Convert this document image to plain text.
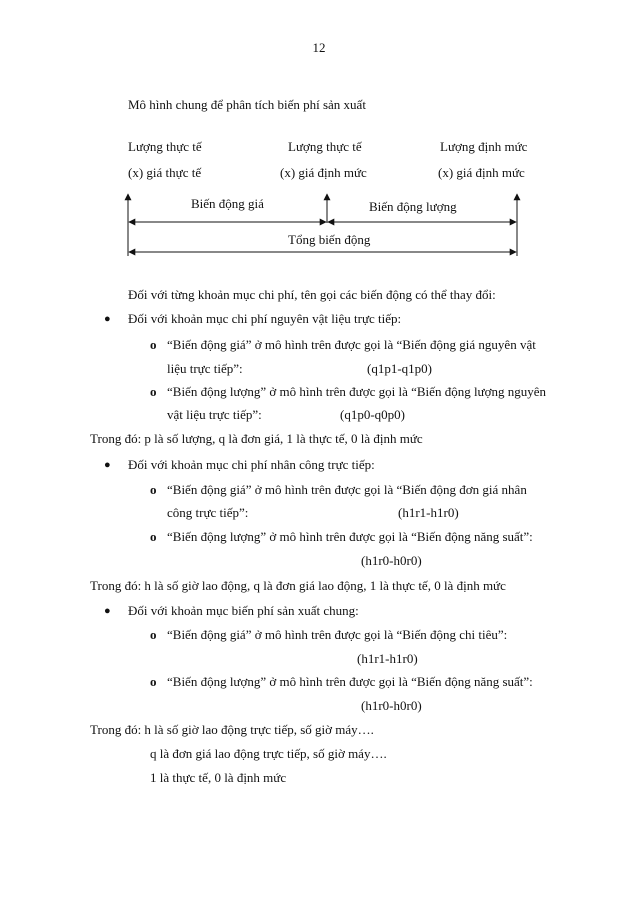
12
Mô hình chung để phân tích biến phí sản xuất
Lượng thực tế
(x) giá thực tế
Lượng thực tế
(x) giá định mức
Lượng định mức
(x) giá định mức
Biến động giá	Biến động lượng
Tổng biến động
Đối với từng khoản mục chi phí, tên gọi các biến động có thể thay đổi:
● Đối với khoản mục chi phí nguyên vật liệu trực tiếp:
o “Biến động giá” ở mô hình trên được gọi là “Biến động giá nguyên vật
liệu trực tiếp”:	(q1p1-q1p0)
o “Biến động lượng” ở mô hình trên được gọi là “Biến động lượng nguyên
vật liệu trực tiếp”:	(q1p0-q0p0)
Trong đó: p là số lượng, q là đơn giá, 1 là thực tế, 0 là định mức
● Đối với khoản mục chi phí nhân công trực tiếp:
o “Biến động giá” ở mô hình trên được gọi là “Biến động đơn giá nhân
công trực tiếp”:	(h1r1-h1r0)
o “Biến động lượng” ở mô hình trên được gọi là “Biến động năng suất”:
(h1r0-h0r0)
Trong đó: h là số giờ lao động, q là đơn giá lao động, 1 là thực tế, 0 là định mức
● Đối với khoản mục biến phí sản xuất chung:
o “Biến động giá” ở mô hình trên được gọi là “Biến động chi tiêu”:
(h1r1-h1r0)
o “Biến động lượng” ở mô hình trên được gọi là “Biến động năng suất”:
(h1r0-h0r0)
Trong đó: h là số giờ lao động trực tiếp, số giờ máy….
q là đơn giá lao động trực tiếp, số giờ máy….
1 là thực tế, 0 là định mức
